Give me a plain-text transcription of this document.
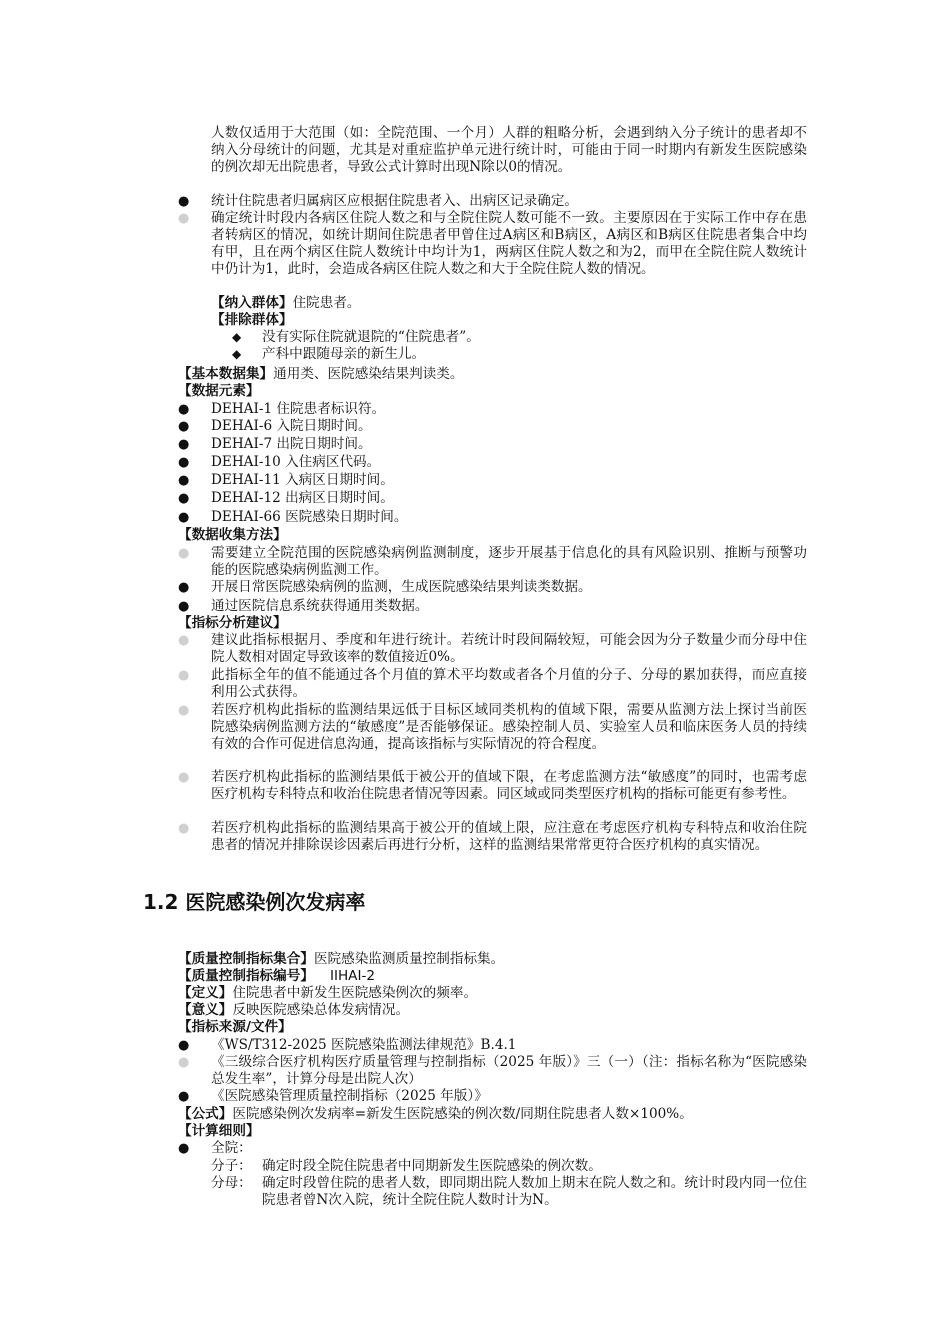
人数仅适用于大范围（如：全院范围、一个月）人群的粗略分析，会遇到纳入分子统计的患者却不纳入分母统计的问题，尤其是对重症监护单元进行统计时，可能由于同一时期内有新发生医院感染的例次却无出院患者，导致公式计算时出现N除以0的情况。
● 统计住院患者归属病区应根据住院患者入、出病区记录确定。
● 确定统计时段内各病区住院人数之和与全院住院人数可能不一致。主要原因在于实际工作中存在患者转病区的情况，如统计期间住院患者甲曾住过A病区和B病区，A病区和B病区住院患者集合中均有甲，且在两个病区住院人数统计中均计为1，两病区住院人数之和为2，而甲在全院住院人数统计中仍计为1，此时，会造成各病区住院人数之和大于全院住院人数的情况。
【纳入群体】住院患者。
【排除群体】
◆ 没有实际住院就退院的“住院患者”。
◆ 产科中跟随母亲的新生儿。
【基本数据集】通用类、医院感染结果判读类。
【数据元素】
● DEHAI-1 住院患者标识符。
● DEHAI-6 入院日期时间。
● DEHAI-7 出院日期时间。
● DEHAI-10 入住病区代码。
● DEHAI-11 入病区日期时间。
● DEHAI-12 出病区日期时间。
● DEHAI-66 医院感染日期时间。
【数据收集方法】
● 需要建立全院范围的医院感染病例监测制度，逐步开展基于信息化的具有风险识别、推断与预警功能的医院感染病例监测工作。
● 开展日常医院感染病例的监测，生成医院感染结果判读类数据。
● 通过医院信息系统获得通用类数据。
【指标分析建议】
● 建议此指标根据月、季度和年进行统计。若统计时段间隔较短，可能会因为分子数量少而分母中住院人数相对固定导致该率的数值接近0%。
● 此指标全年的值不能通过各个月值的算术平均数或者各个月值的分子、分母的累加获得，而应直接利用公式获得。
● 若医疗机构此指标的监测结果远低于目标区域同类机构的值域下限，需要从监测方法上探讨当前医院感染病例监测方法的“敏感度”是否能够保证。感染控制人员、实验室人员和临床医务人员的持续有效的合作可促进信息沟通，提高该指标与实际情况的符合程度。
● 若医疗机构此指标的监测结果低于被公开的值域下限，在考虑监测方法“敏感度”的同时，也需考虑医疗机构专科特点和收治住院患者情况等因素。同区域或同类型医疗机构的指标可能更有参考性。
● 若医疗机构此指标的监测结果高于被公开的值域上限，应注意在考虑医疗机构专科特点和收治住院患者的情况并排除误诊因素后再进行分析，这样的监测结果常常更符合医疗机构的真实情况。
1.2 医院感染例次发病率
【质量控制指标集合】医院感染监测质量控制指标集。
【质量控制指标编号】 IIHAI-2
【定义】住院患者中新发生医院感染例次的频率。
【意义】反映医院感染总体发病情况。
【指标来源/文件】
● 《WS/T312-2025 医院感染监测法律规范》B.4.1
● 《三级综合医疗机构医疗质量管理与控制指标（2025 年版）》三（一）（注：指标名称为“医院感染总发生率”，计算分母是出院人次）
● 《医院感染管理质量控制指标（2025 年版）》
【公式】医院感染例次发病率=新发生医院感染的例次数/同期住院患者人数×100%。
【计算细则】
● 全院：
分子： 确定时段全院住院患者中同期新发生医院感染的例次数。
分母： 确定时段曾住院的患者人数，即同期出院人数加上期末在院人数之和。统计时段内同一位住院患者曾N次入院，统计全院住院人数时计为N。
